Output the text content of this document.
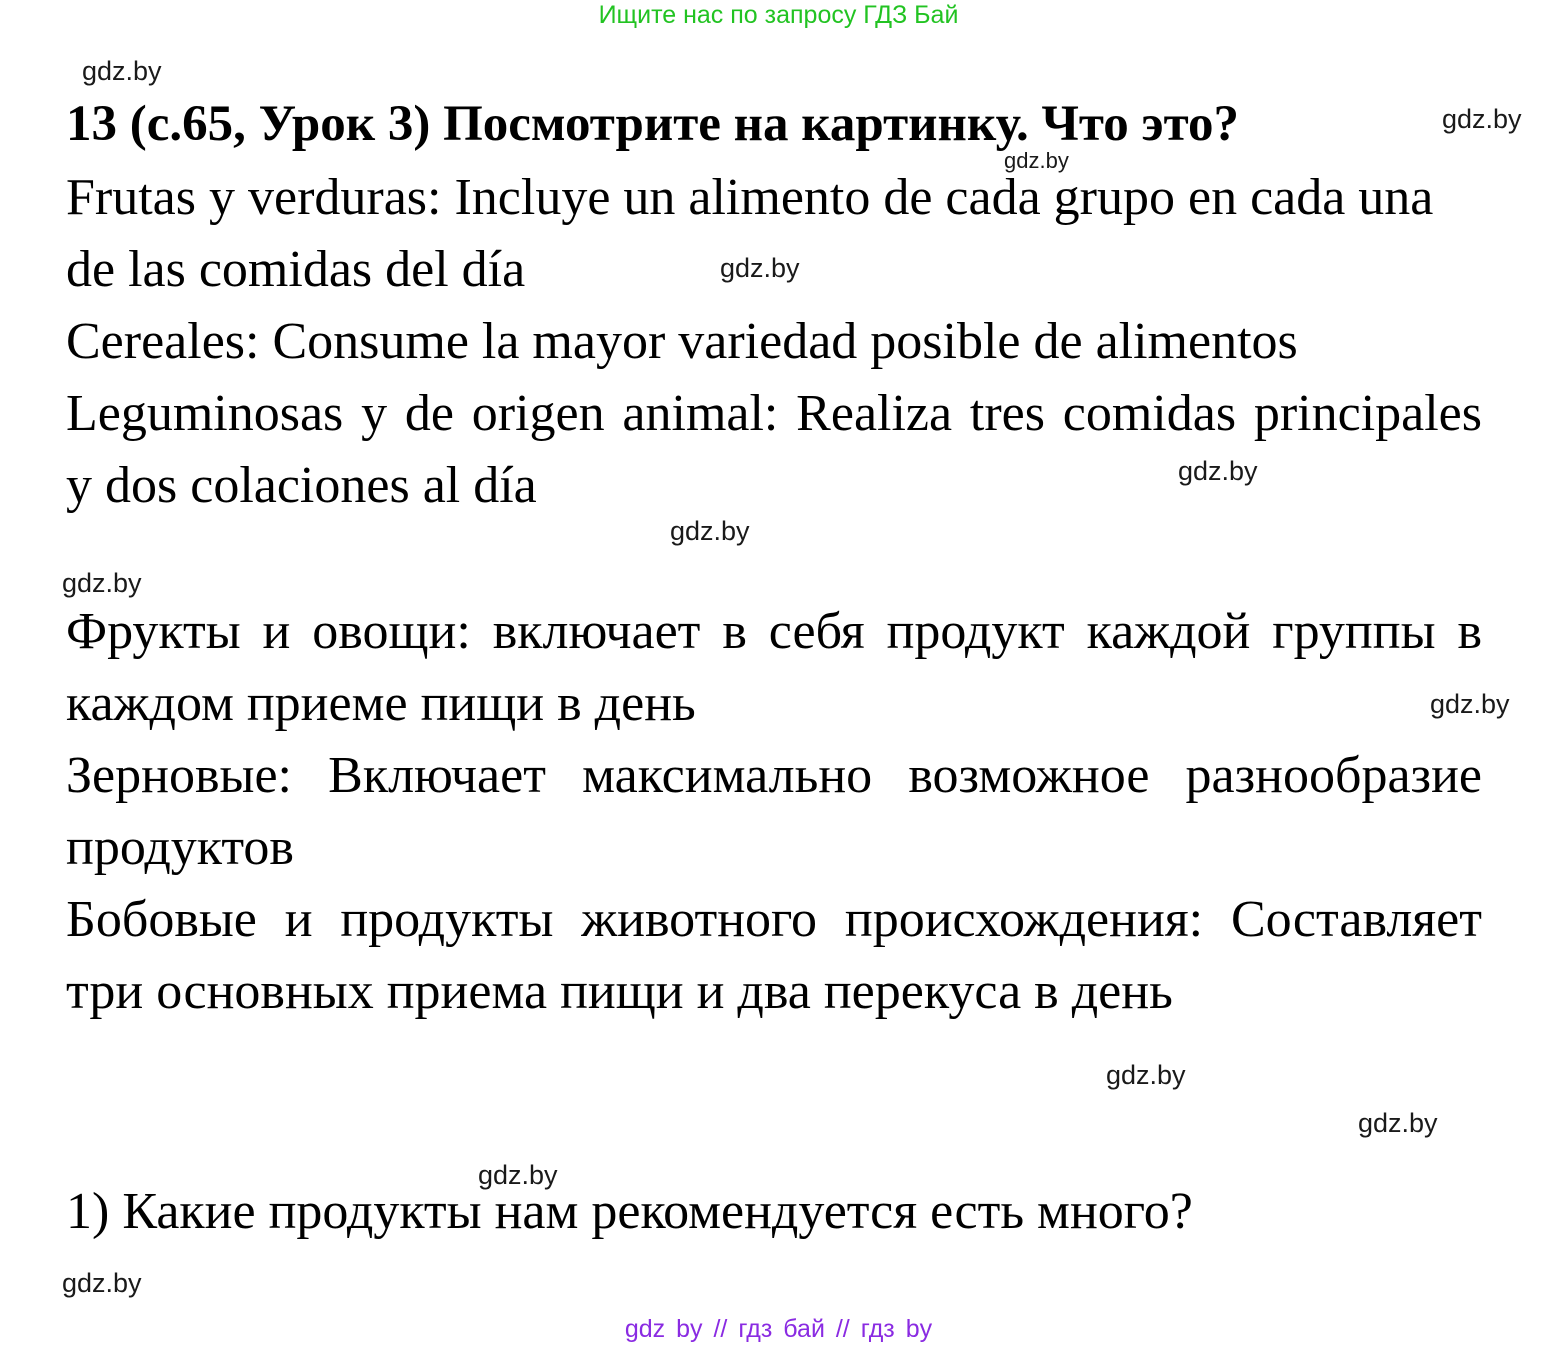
Ищите нас по запросу ГДЗ Бай
gdz.by
gdz.by
gdz.by
gdz.by
gdz.by
gdz.by
gdz.by
gdz.by
gdz.by
gdz.by
gdz.by
gdz.by
13 (с.65, Урок 3) Посмотрите на картинку. Что это?

Frutas y verduras: Incluye un alimento de cada grupo en cada una de las comidas del día

Cereales: Consume la mayor variedad posible de alimentos

Leguminosas y de origen animal: Realiza tres comidas principales y dos colaciones al día

Фрукты и овощи: включает в себя продукт каждой группы в каждом приеме пищи в день

Зерновые: Включает максимально возможное разнообразие продуктов

Бобовые и продукты животного происхождения: Составляет три основных приема пищи и два перекуса в день

1) Какие продукты нам рекомендуется есть много?

gdz by // гдз бай // гдз by
